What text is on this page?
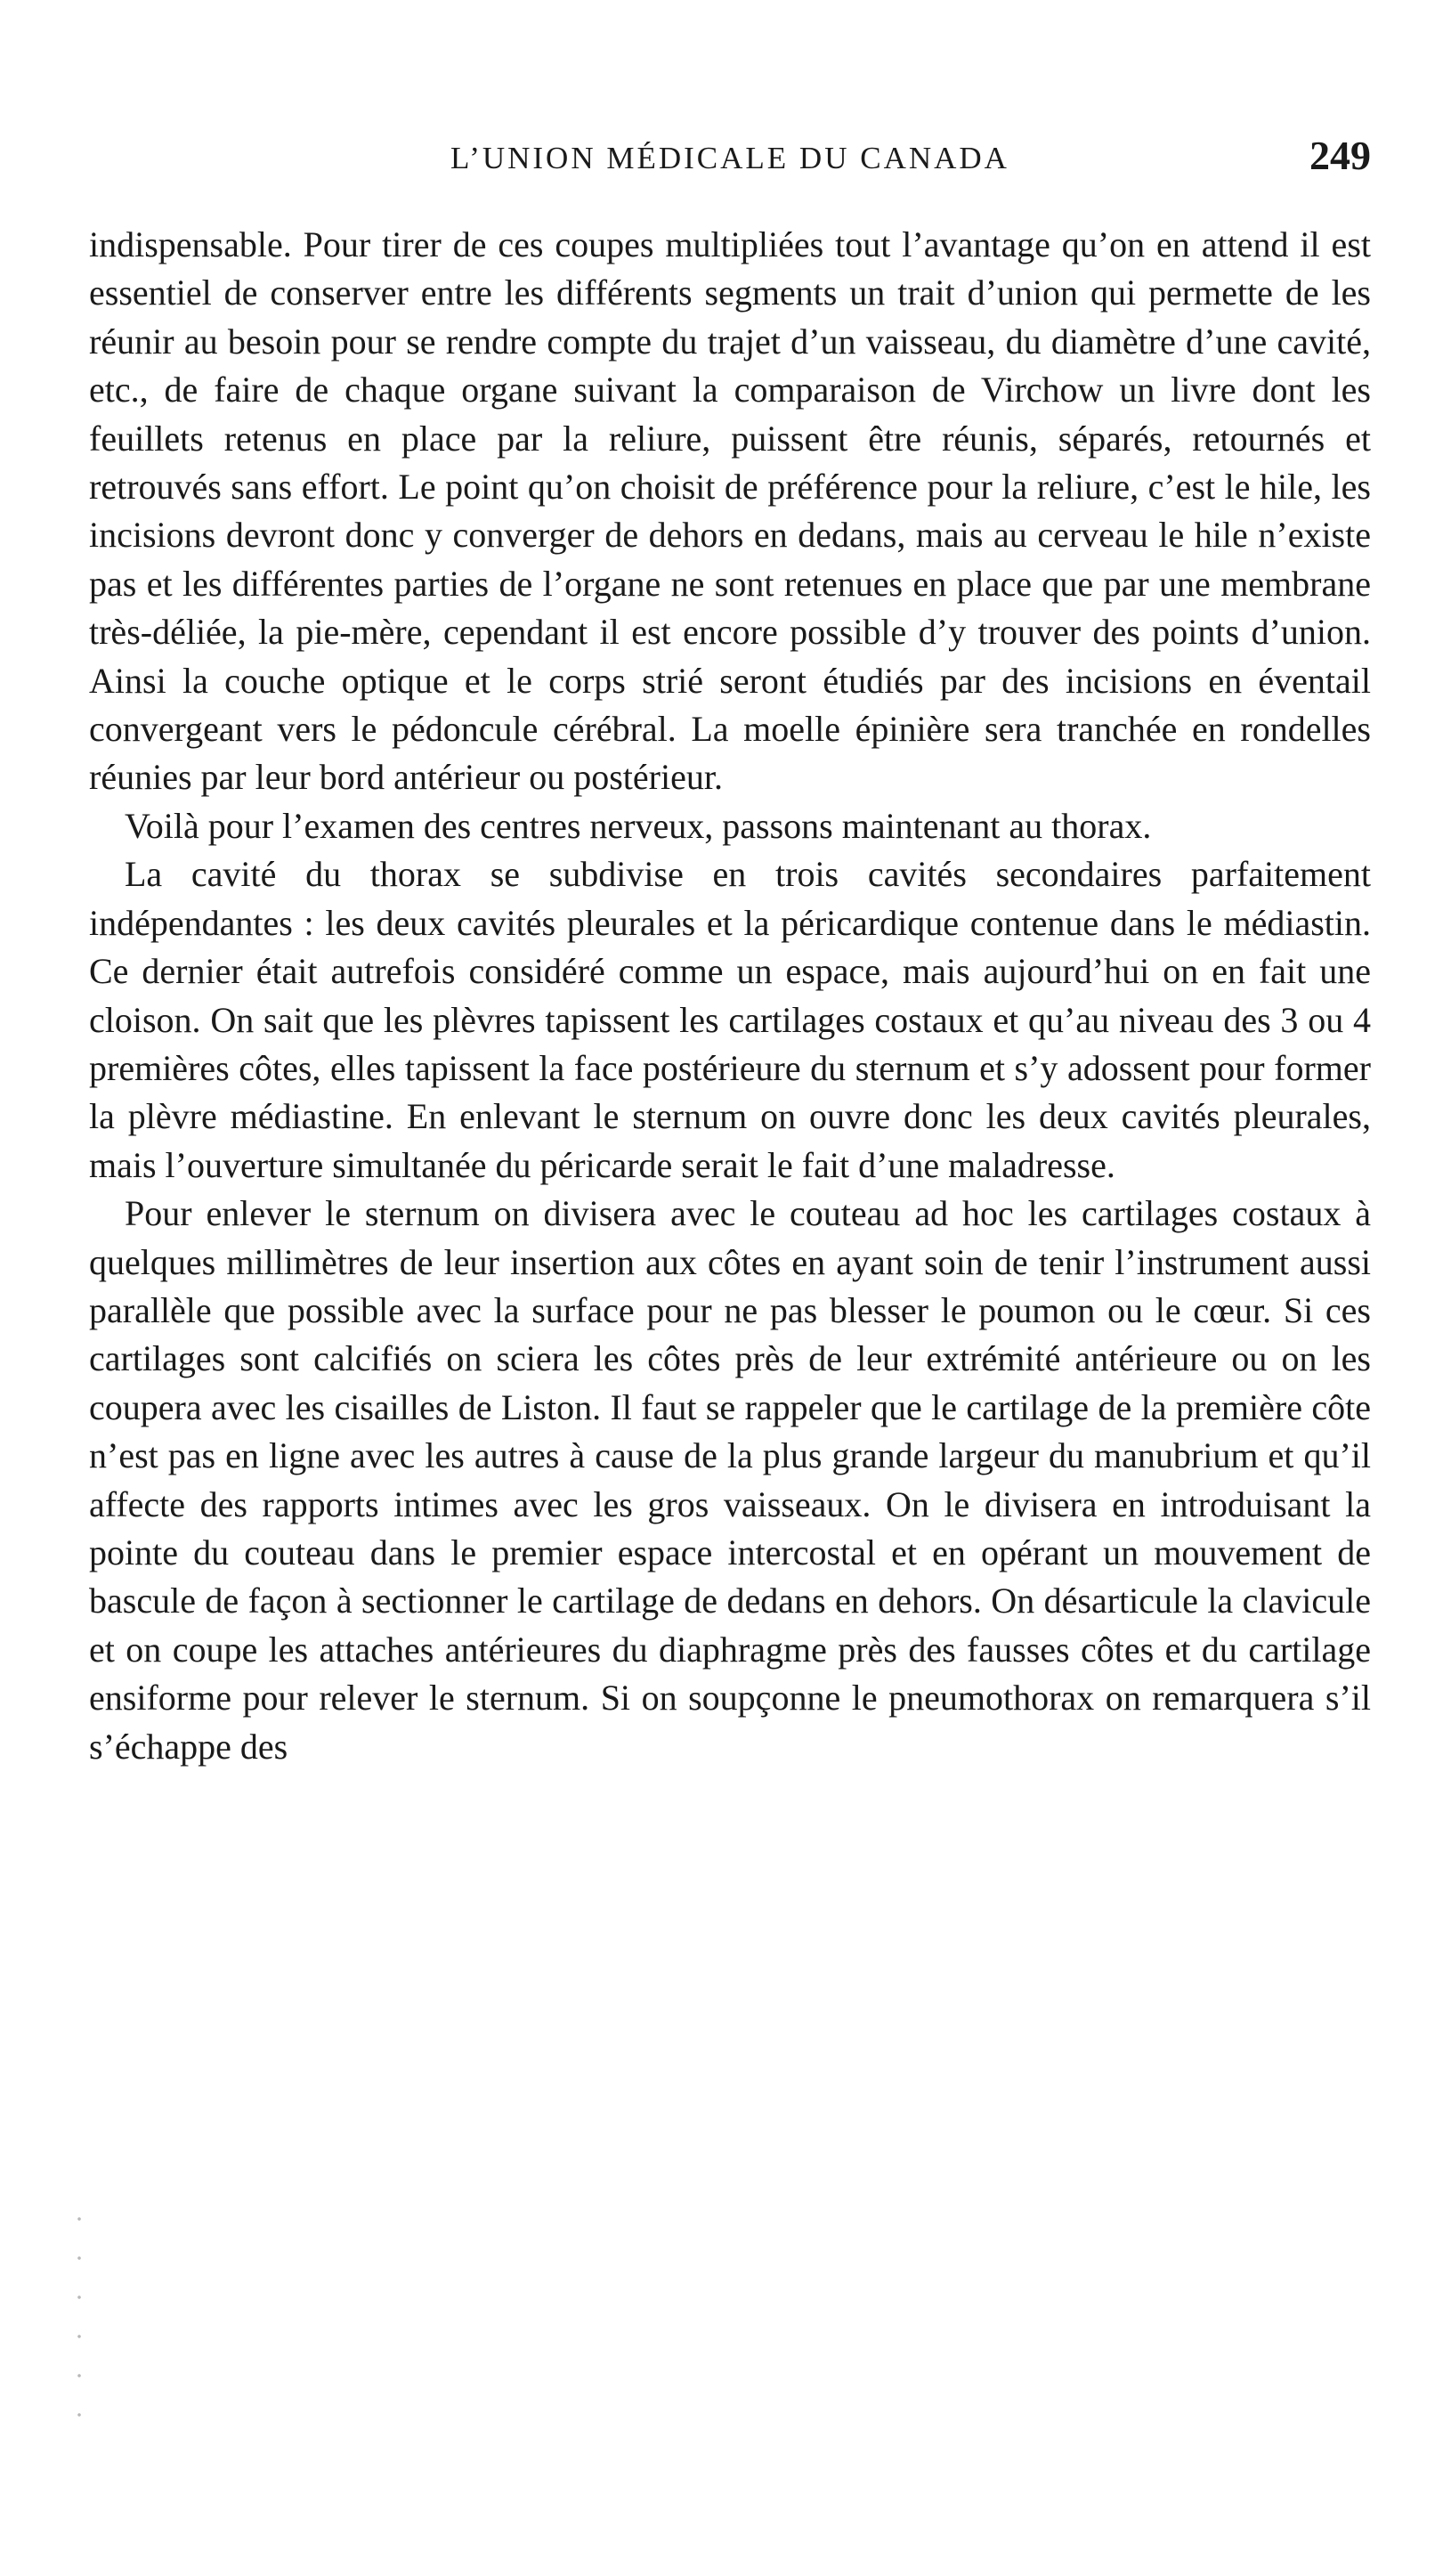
L’UNION MÉDICALE DU CANADA	249

indispensable. Pour tirer de ces coupes multipliées tout l’avantage qu’on en attend il est essentiel de conserver entre les différents segments un trait d’union qui permette de les réunir au besoin pour se rendre compte du trajet d’un vaisseau, du diamètre d’une cavité, etc., de faire de chaque organe suivant la comparaison de Virchow un livre dont les feuillets retenus en place par la reliure, puissent être réunis, séparés, retournés et retrouvés sans effort. Le point qu’on choisit de préférence pour la reliure, c’est le hile, les incisions devront donc y converger de dehors en dedans, mais au cerveau le hile n’existe pas et les différentes parties de l’organe ne sont retenues en place que par une membrane très-déliée, la pie-mère, cependant il est encore possible d’y trouver des points d’union. Ainsi la couche optique et le corps strié seront étudiés par des incisions en éventail convergeant vers le pédoncule cérébral. La moelle épinière sera tranchée en rondelles réunies par leur bord antérieur ou postérieur.

Voilà pour l’examen des centres nerveux, passons maintenant au thorax.

La cavité du thorax se subdivise en trois cavités secondaires parfaitement indépendantes : les deux cavités pleurales et la péricardique contenue dans le médiastin. Ce dernier était autrefois considéré comme un espace, mais aujourd’hui on en fait une cloison. On sait que les plèvres tapissent les cartilages costaux et qu’au niveau des 3 ou 4 premières côtes, elles tapissent la face postérieure du sternum et s’y adossent pour former la plèvre médiastine. En enlevant le sternum on ouvre donc les deux cavités pleurales, mais l’ouverture simultanée du péricarde serait le fait d’une maladresse.

Pour enlever le sternum on divisera avec le couteau ad hoc les cartilages costaux à quelques millimètres de leur insertion aux côtes en ayant soin de tenir l’instrument aussi parallèle que possible avec la surface pour ne pas blesser le poumon ou le cœur. Si ces cartilages sont calcifiés on sciera les côtes près de leur extrémité antérieure ou on les coupera avec les cisailles de Liston. Il faut se rappeler que le cartilage de la première côte n’est pas en ligne avec les autres à cause de la plus grande largeur du manubrium et qu’il affecte des rapports intimes avec les gros vaisseaux. On le divisera en introduisant la pointe du couteau dans le premier espace intercostal et en opérant un mouvement de bascule de façon à sectionner le cartilage de dedans en dehors. On désarticule la clavicule et on coupe les attaches antérieures du diaphragme près des fausses côtes et du cartilage ensiforme pour relever le sternum. Si on soupçonne le pneumothorax on remarquera s’il s’échappe des
